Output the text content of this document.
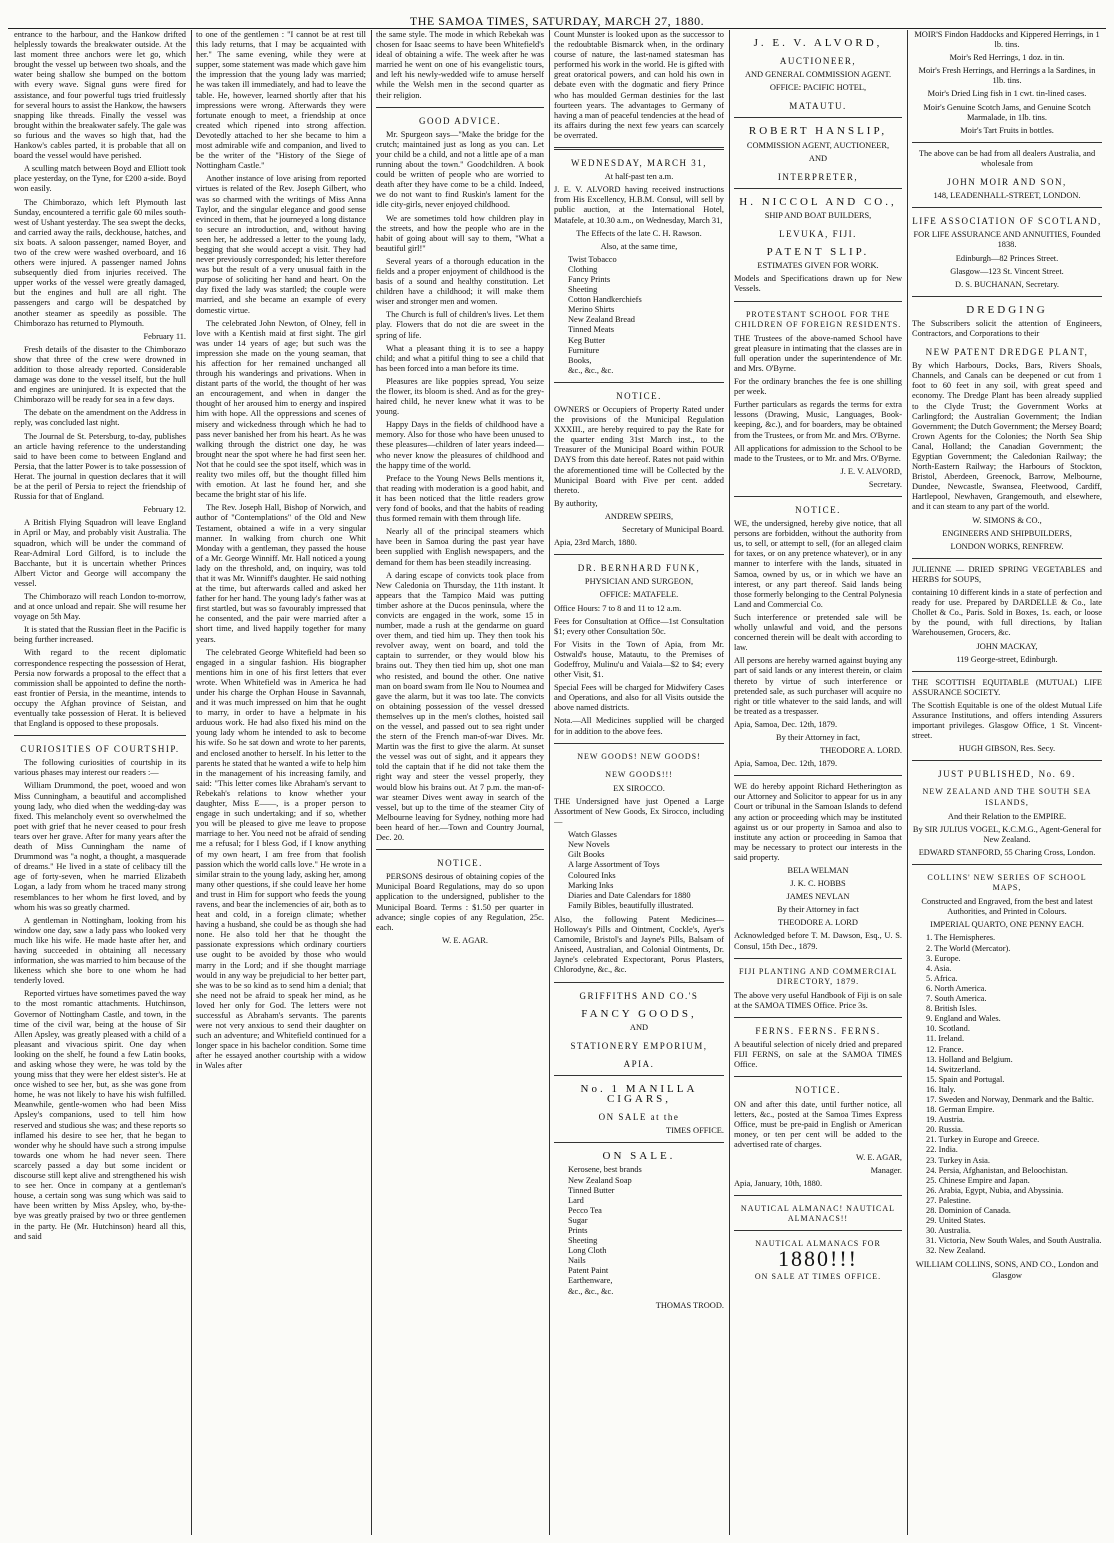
THE SAMOA TIMES, SATURDAY, MARCH 27, 1880.

entrance to the harbour, and the Hankow drifted helplessly towards the breakwater outside. At the last moment three anchors were let go, which brought the vessel up between two shoals, and the water being shallow she bumped on the bottom with every wave. Signal guns were fired for assistance, and four powerful tugs tried fruitlessly for several hours to assist the Hankow, the hawsers snapping like threads. Finally the vessel was brought within the breakwater safely. The gale was so furious and the waves so high that, had the Hankow's cables parted, it is probable that all on board the vessel would have perished.

A sculling match between Boyd and Elliott took place yesterday, on the Tyne, for £200 a-side. Boyd won easily.

The Chimborazo, which left Plymouth last Sunday, encountered a terrific gale 60 miles south-west of Ushant yesterday. The sea swept the decks, and carried away the rails, deckhouse, hatches, and six boats. A saloon passenger, named Boyer, and two of the crew were washed overboard, and 16 others were injured. A passenger named Johns subsequently died from injuries received. The upper works of the vessel were greatly damaged, but the engines and hull are all right. The passengers and cargo will be despatched by another steamer as speedily as possible. The Chimborazo has returned to Plymouth.

February 11.

Fresh details of the disaster to the Chimborazo show that three of the crew were drowned in addition to those already reported. Considerable damage was done to the vessel itself, but the hull and engines are uninjured. It is expected that the Chimborazo will be ready for sea in a few days.

The debate on the amendment on the Address in reply, was concluded last night.

The Journal de St. Petersburg, to-day, publishes an article having reference to the understanding said to have been come to between England and Persia, that the latter Power is to take possession of Herat. The journal in question declares that it will be at the peril of Persia to reject the friendship of Russia for that of England.

February 12.

A British Flying Squadron will leave England in April or May, and probably visit Australia. The squadron, which will be under the command of Rear-Admiral Lord Gilford, is to include the Bacchante, but it is uncertain whether Princes Albert Victor and George will accompany the vessel.

The Chimborazo will reach London to-morrow, and at once unload and repair. She will resume her voyage on 5th May.

It is stated that the Russian fleet in the Pacific is being further increased.

With regard to the recent diplomatic correspondence respecting the possession of Herat, Persia now forwards a proposal to the effect that a commission shall be appointed to define the north-east frontier of Persia, in the meantime, intends to occupy the Afghan province of Seistan, and eventually take possession of Herat. It is believed that England is opposed to these proposals.

CURIOSITIES OF COURTSHIP.

The following curiosities of courtship in its various phases may interest our readers :—

William Drummond, the poet, wooed and won Miss Cunningham, a beautiful and accomplished young lady, who died when the wedding-day was fixed. This melancholy event so overwhelmed the poet with grief that he never ceased to pour fresh tears over her grave. After for many years after the death of Miss Cunningham the name of Drummond was "a noght, a thought, a masquerade of dreams." He lived in a state of celibacy till the age of forty-seven, when he married Elizabeth Logan, a lady from whom he traced many strong resemblances to her whom he first loved, and by whom his was so greatly charmed.

A gentleman in Nottingham, looking from his window one day, saw a lady pass who looked very much like his wife. He made haste after her, and having succeeded in obtaining all necessary information, she was married to him because of the likeness which she bore to one whom he had tenderly loved.

Reported virtues have sometimes paved the way to the most romantic attachments. Hutchinson, Governor of Nottingham Castle, and town, in the time of the civil war, being at the house of Sir Allen Apsley, was greatly pleased with a child of a pleasant and vivacious spirit. One day when looking on the shelf, he found a few Latin books, and asking whose they were, he was told by the young miss that they were her eldest sister's. He at once wished to see her, but, as she was gone from home, he was not likely to have his wish fulfilled. Meanwhile, gentle-women who had been Miss Apsley's companions, used to tell him how reserved and studious she was; and these reports so inflamed his desire to see her, that he began to wonder why he should have such a strong impulse towards one whom he had never seen. There scarcely passed a day but some incident or discourse still kept alive and strengthened his wish to see her. Once in company at a gentleman's house, a certain song was sung which was said to have been written by Miss Apsley, who, by-the-bye was greatly praised by two or three gentlemen in the party. He (Mr. Hutchinson) heard all this, and said

to one of the gentlemen : "I cannot be at rest till this lady returns, that I may be acquainted with her." The same evening, while they were at supper, some statement was made which gave him the impression that the young lady was married; he was taken ill immediately, and had to leave the table. He, however, learned shortly after that his impressions were wrong. Afterwards they were fortunate enough to meet, a friendship at once created which ripened into strong affection. Devotedly attached to her she became to him a most admirable wife and companion, and lived to be the writer of the "History of the Siege of Nottingham Castle."

Another instance of love arising from reported virtues is related of the Rev. Joseph Gilbert, who was so charmed with the writings of Miss Anna Taylor, and the singular elegance and good sense evinced in them, that he journeyed a long distance to secure an introduction, and, without having seen her, he addressed a letter to the young lady, begging that she would accept a visit. They had never previously corresponded; his letter therefore was but the result of a very unusual faith in the purpose of soliciting her hand and heart. On the day fixed the lady was startled; the couple were married, and she became an example of every domestic virtue.

The celebrated John Newton, of Olney, fell in love with a Kentish maid at first sight. The girl was under 14 years of age; but such was the impression she made on the young seaman, that his affection for her remained unchanged all through his wanderings and privations. When in distant parts of the world, the thought of her was an encouragement, and when in danger the thought of her aroused him to energy and inspired him with hope. All the oppressions and scenes of misery and wickedness through which he had to pass never banished her from his heart. As he was walking through the district one day, he was brought near the spot where he had first seen her. Not that he could see the spot itself, which was in reality two miles off, but the thought filled him with emotion. At last he found her, and she became the bright star of his life.

The Rev. Joseph Hall, Bishop of Norwich, and author of "Contemplations" of the Old and New Testament, obtained a wife in a very singular manner. In walking from church one Whit Monday with a gentleman, they passed the house of a Mr. George Winniff. Mr. Hall noticed a young lady on the threshold, and, on inquiry, was told that it was Mr. Winniff's daughter. He said nothing at the time, but afterwards called and asked her father for her hand. The young lady's father was at first startled, but was so favourably impressed that he consented, and the pair were married after a short time, and lived happily together for many years.

The celebrated George Whitefield had been so engaged in a singular fashion. His biographer mentions him in one of his first letters that ever wrote. When Whitefield was in America he had under his charge the Orphan House in Savannah, and it was much impressed on him that he ought to marry, in order to have a helpmate in his arduous work. He had also fixed his mind on the young lady whom he intended to ask to become his wife. So he sat down and wrote to her parents, and enclosed another to herself. In his letter to the parents he stated that he wanted a wife to help him in the management of his increasing family, and said: "This letter comes like Abraham's servant to Rebekah's relations to know whether your daughter, Miss E——, is a proper person to engage in such undertaking; and if so, whether you will be pleased to give me leave to propose marriage to her. You need not be afraid of sending me a refusal; for I bless God, if I know anything of my own heart, I am free from that foolish passion which the world calls love." He wrote in a similar strain to the young lady, asking her, among many other questions, if she could leave her home and trust in Him for support who feeds the young ravens, and bear the inclemencies of air, both as to heat and cold, in a foreign climate; whether having a husband, she could be as though she had none. He also told her that he thought the passionate expressions which ordinary courtiers use ought to be avoided by those who would marry in the Lord; and if she thought marriage would in any way be prejudicial to her better part, she was to be so kind as to send him a denial; that she need not be afraid to speak her mind, as he loved her only for God. The letters were not successful as Abraham's servants. The parents were not very anxious to send their daughter on such an adventure; and Whitefield continued for a longer space in his bachelor condition. Some time after he essayed another courtship with a widow in Wales after

the same style. The mode in which Rebekah was chosen for Isaac seems to have been Whitefield's ideal of obtaining a wife. The week after he was married he went on one of his evangelistic tours, and left his newly-wedded wife to amuse herself while the Welsh men in the second quarter as their religion.

GOOD ADVICE.

Mr. Spurgeon says—"Make the bridge for the crutch; maintained just as long as you can. Let your child be a child, and not a little ape of a man running about the town." Goodchildren. A book could be written of people who are worried to death after they have come to be a child. Indeed, we do not want to find Ruskin's lament for the idle city-girls, never enjoyed childhood.

We are sometimes told how children play in the streets, and how the people who are in the habit of going about will say to them, "What a beautiful girl!"

Several years of a thorough education in the fields and a proper enjoyment of childhood is the basis of a sound and healthy constitution. Let children have a childhood; it will make them wiser and stronger men and women.

The Church is full of children's lives. Let them play. Flowers that do not die are sweet in the spring of life.

What a pleasant thing it is to see a happy child; and what a pitiful thing to see a child that has been forced into a man before its time.

Pleasures are like poppies spread, You seize the flower, its bloom is shed. And as for the grey-haired child, he never knew what it was to be young.

Happy Days in the fields of childhood have a memory. Also for those who have been unused to these pleasures—children of later years indeed—who never know the pleasures of childhood and the happy time of the world.

Preface to the Young News Bells mentions it, that reading with moderation is a good habit, and it has been noticed that the little readers grow very fond of books, and that the habits of reading thus formed remain with them through life.

Nearly all of the principal steamers which have been in Samoa during the past year have been supplied with English newspapers, and the demand for them has been steadily increasing.

A daring escape of convicts took place from New Caledonia on Thursday, the 11th instant. It appears that the Tampico Maid was putting timber ashore at the Ducos peninsula, where the convicts are engaged in the work, some 15 in number, made a rush at the gendarme on guard over them, and tied him up. They then took his revolver away, went on board, and told the captain to surrender, or they would blow his brains out. They then tied him up, shot one man who resisted, and bound the other. One native man on board swam from Ile Nou to Noumea and gave the alarm, but it was too late. The convicts on obtaining possession of the vessel dressed themselves up in the men's clothes, hoisted sail on the vessel, and passed out to sea right under the stern of the French man-of-war Dives. Mr. Martin was the first to give the alarm. At sunset the vessel was out of sight, and it appears they told the captain that if he did not take them the right way and steer the vessel properly, they would blow his brains out. At 7 p.m. the man-of-war steamer Dives went away in search of the vessel, but up to the time of the steamer City of Melbourne leaving for Sydney, nothing more had been heard of her.—Town and Country Journal, Dec. 20.

NOTICE.

PERSONS desirous of obtaining copies of the Municipal Board Regulations, may do so upon application to the undersigned, publisher to the Municipal Board. Terms : $1.50 per quarter in advance; single copies of any Regulation, 25c. each.

W. E. AGAR.

Count Munster is looked upon as the successor to the redoubtable Bismarck when, in the ordinary course of nature, the last-named statesman has performed his work in the world. He is gifted with great oratorical powers, and can hold his own in debate even with the dogmatic and fiery Prince who has moulded German destinies for the last fourteen years. The advantages to Germany of having a man of peaceful tendencies at the head of its affairs during the next few years can scarcely be overrated.

WEDNESDAY, MARCH 31,

At half-past ten a.m.

J. E. V. ALVORD having received instructions from His Excellency, H.B.M. Consul, will sell by public auction, at the International Hotel, Matafele, at 10.30 a.m., on Wednesday, March 31,

The Effects of the late C. H. Rawson.

Also, at the same time,

Twist Tobacco
Clothing
Fancy Prints
Sheeting
Cotton Handkerchiefs
Merino Shirts
New Zealand Bread
Tinned Meats
Keg Butter
Furniture
Books,
&c., &c., &c.
NOTICE.

OWNERS or Occupiers of Property Rated under the provisions of the Municipal Regulation XXXIII., are hereby required to pay the Rate for the quarter ending 31st March inst., to the Treasurer of the Municipal Board within FOUR DAYS from this date hereof. Rates not paid within the aforementioned time will be Collected by the Municipal Board with Five per cent. added thereto.

By authority,

ANDREW SPEIRS,

Secretary of Municipal Board.

Apia, 23rd March, 1880.

DR. BERNHARD FUNK,

PHYSICIAN AND SURGEON,

OFFICE: MATAFELE.

Office Hours: 7 to 8 and 11 to 12 a.m.

Fees for Consultation at Office—1st Consultation $1; every other Consultation 50c.

For Visits in the Town of Apia, from Mr. Ostwald's house, Matautu, to the Premises of Godeffroy, Mulinu'u and Vaiala—$2 to $4; every other Visit, $1.

Special Fees will be charged for Midwifery Cases and Operations, and also for all Visits outside the above named districts.

Nota.—All Medicines supplied will be charged for in addition to the above fees.

NEW GOODS! NEW GOODS!
NEW GOODS!!!

EX SIROCCO.

THE Undersigned have just Opened a Large Assortment of New Goods, Ex Sirocco, including—

Watch Glasses
New Novels
Gilt Books
A large Assortment of Toys
Coloured Inks
Marking Inks
Diaries and Date Calendars for 1880
Family Bibles, beautifully illustrated.

Also, the following Patent Medicines—Holloway's Pills and Ointment, Cockle's, Ayer's Camomile, Bristol's and Jayne's Pills, Balsam of Aniseed, Australian, and Colonial Ointments, Dr. Jayne's celebrated Expectorant, Porus Plasters, Chlorodyne, &c., &c.

GRIFFITHS AND CO.'S
FANCY GOODS,

AND

STATIONERY EMPORIUM,
APIA.
No. 1 MANILLA CIGARS,
ON SALE at the

TIMES OFFICE.

ON SALE.
Kerosene, best brands
New Zealand Soap
Tinned Butter
Lard
Pecco Tea
Sugar
Prints
Sheeting
Long Cloth
Nails
Patent Paint
Earthenware,
&c., &c., &c.

THOMAS TROOD.

J. E. V. ALVORD,
AUCTIONEER,

AND GENERAL COMMISSION AGENT.

OFFICE: PACIFIC HOTEL,

MATAUTU.
ROBERT HANSLIP,

COMMISSION AGENT, AUCTIONEER,

AND

INTERPRETER,
H. NICCOL AND CO.,

SHIP AND BOAT BUILDERS,

LEVUKA, FIJI.
PATENT SLIP.

ESTIMATES GIVEN FOR WORK.

Models and Specifications drawn up for New Vessels.

PROTESTANT SCHOOL FOR THE CHILDREN OF FOREIGN RESIDENTS.

THE Trustees of the above-named School have great pleasure in intimating that the classes are in full operation under the superintendence of Mr. and Mrs. O'Byrne.

For the ordinary branches the fee is one shilling per week.

Further particulars as regards the terms for extra lessons (Drawing, Music, Languages, Book-keeping, &c.), and for boarders, may be obtained from the Trustees, or from Mr. and Mrs. O'Byrne.

All applications for admission to the School to be made to the Trustees, or to Mr. and Mrs. O'Byrne.

J. E. V. ALVORD,

Secretary.

NOTICE.

WE, the undersigned, hereby give notice, that all persons are forbidden, without the authority from us, to sell, or attempt to sell, (for an alleged claim for taxes, or on any pretence whatever), or in any manner to interfere with the lands, situated in Samoa, owned by us, or in which we have an interest, or any part thereof. Said lands being those formerly belonging to the Central Polynesia Land and Commercial Co.

Such interference or pretended sale will be wholly unlawful and void, and the persons concerned therein will be dealt with according to law.

All persons are hereby warned against buying any part of said lands or any interest therein, or claim thereto by virtue of such interference or pretended sale, as such purchaser will acquire no right or title whatever to the said lands, and will be treated as a trespasser.

Apia, Samoa, Dec. 12th, 1879.

By their Attorney in fact,

THEODORE A. LORD.

Apia, Samoa, Dec. 12th, 1879.

WE do hereby appoint Richard Hetherington as our Attorney and Solicitor to appear for us in any Court or tribunal in the Samoan Islands to defend any action or proceeding which may be instituted against us or our property in Samoa and also to institute any action or proceeding in Samoa that may be necessary to protect our interests in the said property.

BELA WELMAN

J. K. C. HOBBS

JAMES NEVLAN

By their Attorney in fact

THEODORE A. LORD

Acknowledged before T. M. Dawson, Esq., U. S. Consul, 15th Dec., 1879.

FIJI PLANTING AND COMMERCIAL DIRECTORY, 1879.

The above very useful Handbook of Fiji is on sale at the SAMOA TIMES Office. Price 3s.

FERNS. FERNS. FERNS.

A beautiful selection of nicely dried and prepared FIJI FERNS, on sale at the SAMOA TIMES Office.

NOTICE.

ON and after this date, until further notice, all letters, &c., posted at the Samoa Times Express Office, must be pre-paid in English or American money, or ten per cent will be added to the advertised rate of charges.

W. E. AGAR,

Manager.

Apia, January, 10th, 1880.

NAUTICAL ALMANAC! NAUTICAL ALMANACS!!
NAUTICAL ALMANACS FOR
1880!!!
ON SALE AT TIMES OFFICE.

MOIR'S Findon Haddocks and Kippered Herrings, in 1 lb. tins.

Moir's Red Herrings, 1 doz. in tin.

Moir's Fresh Herrings, and Herrings a la Sardines, in 1lb. tins.

Moir's Dried Ling fish in 1 cwt. tin-lined cases.

Moir's Genuine Scotch Jams, and Genuine Scotch Marmalade, in 1lb. tins.

Moir's Tart Fruits in bottles.

The above can be had from all dealers Australia, and wholesale from

JOHN MOIR AND SON,

148, LEADENHALL-STREET, LONDON.

LIFE ASSOCIATION OF SCOTLAND,

FOR LIFE ASSURANCE AND ANNUITIES, Founded 1838.

Edinburgh—82 Princes Street.

Glasgow—123 St. Vincent Street.

D. S. BUCHANAN, Secretary.

DREDGING

The Subscribers solicit the attention of Engineers, Contractors, and Corporations to their

NEW PATENT DREDGE PLANT,

By which Harbours, Docks, Bars, Rivers Shoals, Channels, and Canals can be deepened or cut from 1 foot to 60 feet in any soil, with great speed and economy. The Dredge Plant has been already supplied to the Clyde Trust; the Government Works at Carlingford; the Australian Government; the Indian Government; the Dutch Government; the Mersey Board; Crown Agents for the Colonies; the North Sea Ship Canal, Holland; the Canadian Government; the Egyptian Government; the Caledonian Railway; the North-Eastern Railway; the Harbours of Stockton, Bristol, Aberdeen, Greenock, Barrow, Melbourne, Dundee, Newcastle, Swansea, Fleetwood, Cardiff, Hartlepool, Newhaven, Grangemouth, and elsewhere, and it can steam to any part of the world.

W. SIMONS & CO.,

ENGINEERS AND SHIPBUILDERS,

LONDON WORKS, RENFREW.

JULIENNE — DRIED SPRING VEGETABLES and HERBS for SOUPS,

containing 10 different kinds in a state of perfection and ready for use. Prepared by DARDELLE & Co., late Chollet & Co., Paris. Sold in Boxes, 1s. each, or loose by the pound, with full directions, by Italian Warehousemen, Grocers, &c.

JOHN MACKAY,

119 George-street, Edinburgh.

THE SCOTTISH EQUITABLE (MUTUAL) LIFE ASSURANCE SOCIETY.

The Scottish Equitable is one of the oldest Mutual Life Assurance Institutions, and offers intending Assurers important privileges. Glasgow Office, 1 St. Vincent-street.

HUGH GIBSON, Res. Secy.

JUST PUBLISHED, No. 69.
NEW ZEALAND AND THE SOUTH SEA ISLANDS,

And their Relation to the EMPIRE.

By SIR JULIUS VOGEL, K.C.M.G., Agent-General for New Zealand.

EDWARD STANFORD, 55 Charing Cross, London.

COLLINS' NEW SERIES OF SCHOOL MAPS,

Constructed and Engraved, from the best and latest Authorities, and Printed in Colours.

IMPERIAL QUARTO, ONE PENNY EACH.

1. The Hemispheres.
2. The World (Mercator).
3. Europe.
4. Asia.
5. Africa.
6. North America.
7. South America.
8. British Isles.
9. England and Wales.
10. Scotland.
11. Ireland.
12. France.
13. Holland and Belgium.
14. Switzerland.
15. Spain and Portugal.
16. Italy.
17. Sweden and Norway, Denmark and the Baltic.
18. German Empire.
19. Austria.
20. Russia.
21. Turkey in Europe and Greece.
22. India.
23. Turkey in Asia.
24. Persia, Afghanistan, and Beloochistan.
25. Chinese Empire and Japan.
26. Arabia, Egypt, Nubia, and Abyssinia.
27. Palestine.
28. Dominion of Canada.
29. United States.
30. Australia.
31. Victoria, New South Wales, and South Australia.
32. New Zealand.

WILLIAM COLLINS, SONS, AND CO., London and Glasgow
